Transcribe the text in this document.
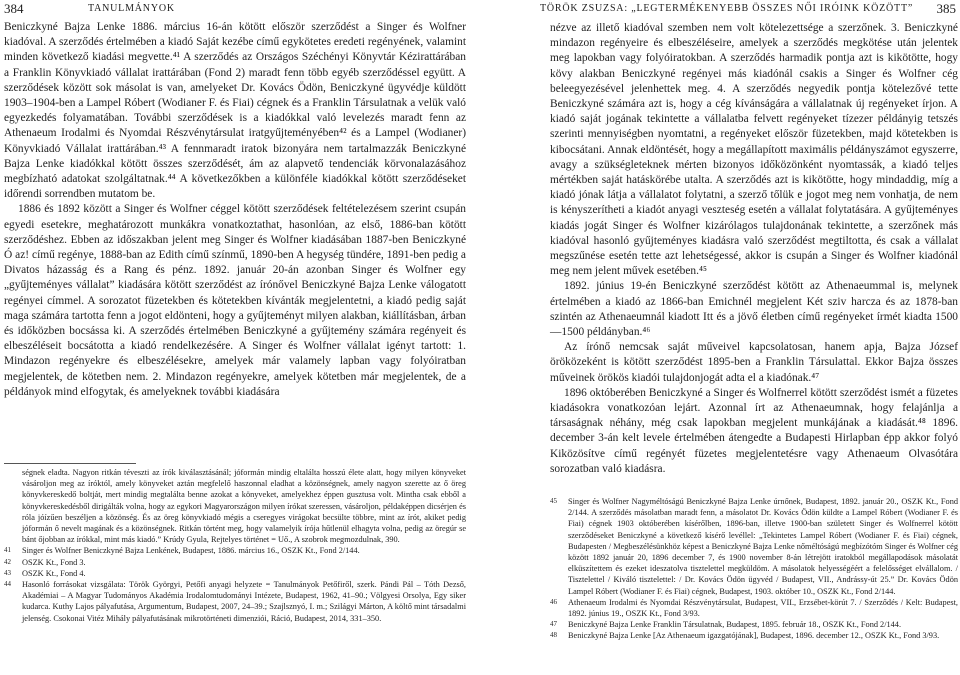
384	TANULMÁNYOK

Beniczkyné Bajza Lenke 1886. március 16-án kötött először szerződést a Singer és Wolfner kiadóval. A szerződés értelmében a kiadó Saját kezébe című egykötetes eredeti regényének, valamint minden következő kiadási megvette.⁴¹ A szerződés az Országos Széchényi Könyvtár Kézirattárában a Franklin Könyvkiadó vállalat irattárában (Fond 2) maradt fenn több egyéb szerződéssel együtt. A szerződések között sok másolat is van, amelyeket Dr. Kovács Ödön, Beniczkyné ügyvédje küldött 1903–1904-ben a Lampel Róbert (Wodianer F. és Fiai) cégnek és a Franklin Társulatnak a velük való egyezkedés folyamatában. További szerződések is a kiadókkal való levelezés maradt fenn az Athenaeum Irodalmi és Nyomdai Részvénytársulat iratgyűjteményében⁴² és a Lampel (Wodianer) Könyvkiadó Vállalat irattárában.⁴³ A fennmaradt iratok bizonyára nem tartalmazzák Beniczkyné Bajza Lenke kiadókkal kötött összes szerződését, ám az alapvető tendenciák körvonalazásához megbízható adatokat szolgáltatnak.⁴⁴ A következőkben a különféle kiadókkal kötött szerződéseket időrendi sorrendben mutatom be.

1886 és 1892 között a Singer és Wolfner céggel kötött szerződések feltételezésem szerint csupán egyedi esetekre, meghatározott munkákra vonatkoztathat, hasonlóan, az első, 1886-ban kötött szerződéshez. Ebben az időszakban jelent meg Singer és Wolfner kiadásában 1887-ben Beniczkyné Ó az! című regénye, 1888-ban az Edith című színmű, 1890-ben A hegység tündére, 1891-ben pedig a Divatos házasság és a Rang és pénz. 1892. január 20-án azonban Singer és Wolfner egy „gyűjteményes vállalat” kiadására kötött szerződést az írónővel Beniczkyné Bajza Lenke válogatott regényei címmel. A sorozatot füzetekben és kötetekben kívánták megjelentetni, a kiadó pedig saját maga számára tartotta fenn a jogot eldönteni, hogy a gyűjteményt milyen alakban, kiállításban, árban és időközben bocsássa ki. A szerződés értelmében Beniczkyné a gyűjtemény számára regényeit és elbeszéléseit bocsátotta a kiadó rendelkezésére. A Singer és Wolfner vállalat igényt tartott: 1. Mindazon regényekre és elbeszélésekre, amelyek már valamely lapban vagy folyóiratban megjelentek, de kötetben nem. 2. Mindazon regényekre, amelyek kötetben már megjelentek, de a példányok mind elfogytak, és amelyeknek további kiadására

ségnek eladta. Nagyon ritkán téveszti az írók kiválasztásánál; jóformán mindig eltalálta hosszú élete alatt, hogy milyen könyveket vásároljon meg az íróktól, amely könyveket aztán megfelelő haszonnal eladhat a közönségnek, amely nagyon szerette az ő öreg könyvkereskedő boltját, mert mindig megtalálta benne azokat a könyveket, amelyekhez éppen gusztusa volt. Mintha csak ebből a könyvkereskedésből dirigálták volna, hogy az egykori Magyarországon milyen írókat szeressen, vásároljon, példaképpen dicsérjen és róla jóízűen beszéljen a közönség. És az öreg könyvkiadó mégis a cseregyes virágokat becsülte többre, mint az írót, akiket pedig jóformán ő nevelt magának és a közönségnek. Ritkán történt meg, hogy valamelyik írója hűtlenül elhagyta volna, pedig az öregúr se bánt őjobban az írókkal, mint más kiadó.” Krúdy Gyula, Rejtelyes történet = Uő., A szobrok megmozdulnak, 390.
41	Singer és Wolfner Beniczkyné Bajza Lenkének, Budapest, 1886. március 16., OSZK Kt., Fond 2/144.
42	OSZK Kt., Fond 3.
43	OSZK Kt., Fond 4.
44	Hasonló forrásokat vizsgálata: Török Györgyi, Petőfi anyagi helyzete = Tanulmányok Petőfiről, szerk. Pándi Pál – Tóth Dezső, Akadémiai – A Magyar Tudományos Akadémia Irodalomtudományi Intézete, Budapest, 1962, 41–90.; Völgyesi Orsolya, Egy siker kudarca. Kuthy Lajos pályafutása, Argumentum, Budapest, 2007, 24–39.; Szajlsznyó, I. m.; Szilágyi Márton, A költő mint társadalmi jelenség. Csokonai Vitéz Mihály pályafutásának mikrotörténeti dimenziói, Ráció, Budapest, 2014, 331–350.
TÖRÖK ZSUZSA: „LEGTERMÉKENYEBB ÖSSZES NŐI IRÓINK KÖZÖTT” 385

nézve az illető kiadóval szemben nem volt kötelezettsége a szerzőnek. 3. Beniczkyné mindazon regényeire és elbeszéléseire, amelyek a szerződés megkötése után jelentek meg lapokban vagy folyóiratokban. A szerződés harmadik pontja azt is kikötötte, hogy kövy alakban Beniczkyné regényei más kiadónál csakis a Singer és Wolfner cég beleegyezésével jelenhettek meg. 4. A szerződés negyedik pontja kötelezővé tette Beniczkyné számára azt is, hogy a cég kívánságára a vállalatnak új regényeket írjon. A kiadó saját jogának tekintette a vállalatba felvett regényeket tízezer példányig tetszés szerinti mennyiségben nyomtatni, a regényeket először füzetekben, majd kötetekben is kibocsátani. Annak eldöntését, hogy a megállapított maximális példányszámot egyszerre, avagy a szükségleteknek mérten bizonyos időközönként nyomtassák, a kiadó teljes mértékben saját hatáskörébe utalta. A szerződés azt is kikötötte, hogy mindaddig, míg a kiadó jónak látja a vállalatot folytatni, a szerző tőlük e jogot meg nem vonhatja, de nem is kényszerítheti a kiadót anyagi veszteség esetén a vállalat folytatására. A gyűjteményes kiadás jogát Singer és Wolfner kizárólagos tulajdonának tekintette, a szerzőnek más kiadóval hasonló gyűjteményes kiadásra való szerződést megtiltotta, és csak a vállalat megszűnése esetén tette azt lehetségessé, akkor is csupán a Singer és Wolfner kiadónál meg nem jelent művek esetében.⁴⁵

1892. június 19-én Beniczkyné szerződést kötött az Athenaeummal is, melynek értelmében a kiadó az 1866-ban Emichnél megjelent Két sziv harcza és az 1878-ban szintén az Athenaeumnál kiadott Itt és a jövő életben című regényeket írmét kiadta 1500—1500 példányban.⁴⁶

Az írónő nemcsak saját műveivel kapcsolatosan, hanem apja, Bajza József öröközeként is kötött szerződést 1895-ben a Franklin Társulattal. Ekkor Bajza összes műveinek örökös kiadói tulajdonjogát adta el a kiadónak.⁴⁷

1896 októberében Beniczkyné a Singer és Wolfnerrel kötött szerződést ismét a füzetes kiadásokra vonatkozóan lejárt. Azonnal írt az Athenaeumnak, hogy felajánlja a társaságnak néhány, még csak lapokban megjelent munkájának a kiadását.⁴⁸ 1896. december 3-án kelt levele értelmében átengedte a Budapesti Hirlapban épp akkor folyó Kiközösítve című regényét füzetes megjelentetésre vagy Athenaeum Olvasótára sorozatban való kiadásra.

45	Singer és Wolfner Nagyméltóságú Beniczkyné Bajza Lenke úrnőnek, Budapest, 1892. január 20., OSZK Kt., Fond 2/144. A szerződés másolatban maradt fenn, a másolatot Dr. Kovács Ödön küldte a Lampel Róbert (Wodianer F. és Fiai) cégnek 1903 októberében kísérőlben, 1896-ban, illetve 1900-ban született Singer és Wolfnerrel kötött szerződéseket Beniczkyné a következő kísérő levéllel: „Tekintetes Lampel Róbert (Wodianer F. és Fiai) cégnek, Budapesten / Megbeszélésünkhöz képest a Beniczkyné Bajza Lenke nőméltóságú megbízótóm Singer és Wolfner cég között 1892 január 20, 1896 december 7, és 1900 november 8-án létrejött iratokból megállapodások másolatát elküszítettem és ezeket ideszatolva tisztelettel megküldöm. A másolatok helyességéért a felelősséget elvállalom. / Tisztelettel / Kiváló tisztelettel: / Dr. Kovács Ödön ügyvéd / Budapest, VII., Andrássy-út 25.” Dr. Kovács Ödön Lampel Róbert (Wodianer F. és Fiai) cégnek, Budapest, 1903. október 10., OSZK Kt., Fond 2/144.
46	Athenaeum Irodalmi és Nyomdai Részvénytársulat, Budapest, VII., Erzsébet-körút 7. / Szerződés / Kelt: Budapest, 1892. június 19., OSZK Kt., Fond 3/93.
47	Beniczkyné Bajza Lenke Franklin Társulatnak, Budapest, 1895. február 18., OSZK Kt., Fond 2/144.
48	Beniczkyné Bajza Lenke [Az Athenaeum igazgatójának], Budapest, 1896. december 12., OSZK Kt., Fond 3/93.
